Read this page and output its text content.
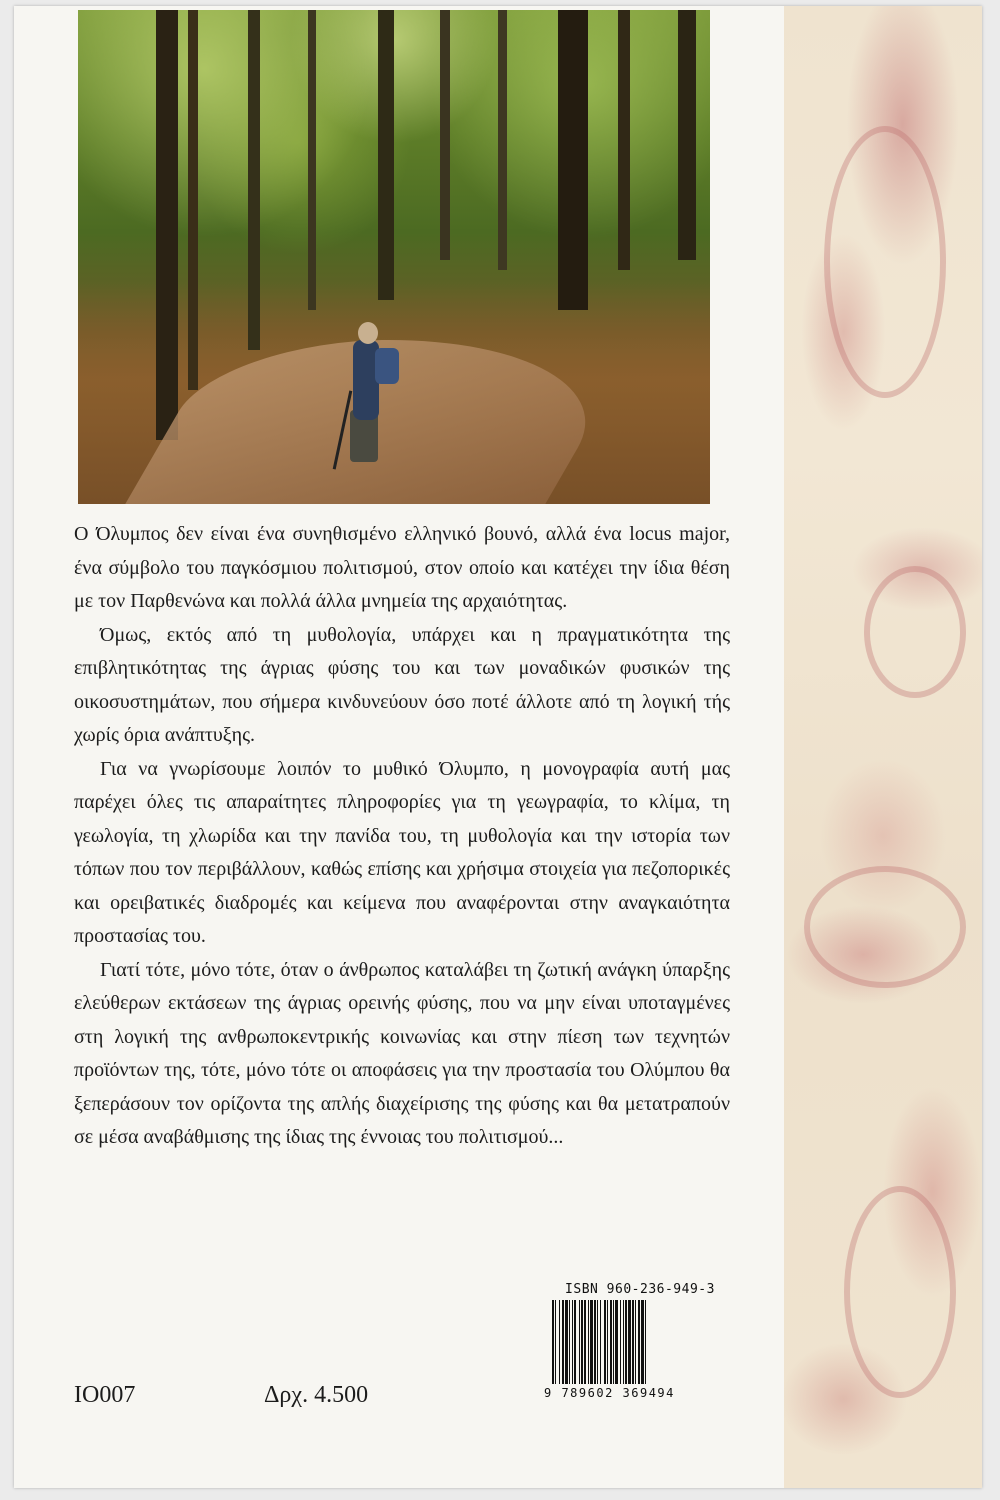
Ο Όλυμπος δεν είναι ένα συνηθισμένο ελληνικό βουνό, αλλά ένα locus major, ένα σύμβολο του παγκόσμιου πολιτισμού, στον οποίο και κατέχει την ίδια θέση με τον Παρθενώνα και πολλά άλλα μνημεία της αρχαιότητας.

Όμως, εκτός από τη μυθολογία, υπάρχει και η πραγματικότητα της επιβλητικότητας της άγριας φύσης του και των μοναδικών φυσικών της οικοσυστημάτων, που σήμερα κινδυνεύουν όσο ποτέ άλλοτε από τη λογική τής χωρίς όρια ανάπτυξης.

Για να γνωρίσουμε λοιπόν το μυθικό Όλυμπο, η μονογραφία αυτή μας παρέχει όλες τις απαραίτητες πληροφορίες για τη γεωγραφία, το κλίμα, τη γεωλογία, τη χλωρίδα και την πανίδα του, τη μυθολογία και την ιστορία των τόπων που τον περιβάλλουν, καθώς επίσης και χρήσιμα στοιχεία για πεζοπορικές και ορειβατικές διαδρομές και κείμενα που αναφέρονται στην αναγκαιότητα προστασίας του.

Γιατί τότε, μόνο τότε, όταν ο άνθρωπος καταλάβει τη ζωτική ανάγκη ύπαρξης ελεύθερων εκτάσεων της άγριας ορεινής φύσης, που να μην είναι υποταγμένες στη λογική της ανθρωποκεντρικής κοινωνίας και στην πίεση των τεχνητών προϊόντων της, τότε, μόνο τότε οι αποφάσεις για την προστασία του Ολύμπου θα ξεπεράσουν τον ορίζοντα της απλής διαχείρισης της φύσης και θα μετατραπούν σε μέσα αναβάθμισης της ίδιας της έννοιας του πολιτισμού...

ISBN 960-236-949-3
9 789602 369494
IO007	Δρχ. 4.500
